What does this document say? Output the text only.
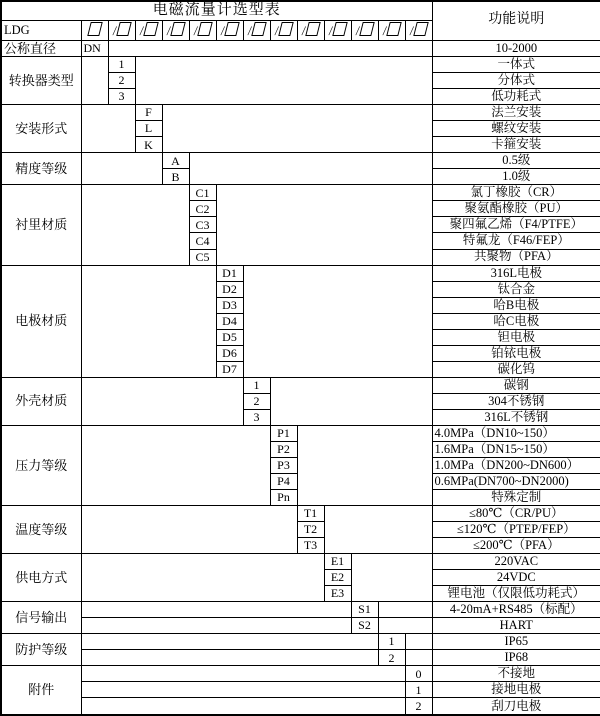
电磁流量计选型表														功能说明
LDG		/	/	/	/	/	/	/	/	/	/	/	/	
公称直径	DN													10-2000
转换器类型		1												一体式
		2												分体式
		3												低功耗式
安装形式			F											法兰安装
			L											螺纹安装
			K											卡箍安装
精度等级				A										0.5级
				B										1.0级
衬里材质					C1									氯丁橡胶（CR）
					C2									聚氨酯橡胶（PU）
					C3									聚四氟乙烯（F4/PTFE）
					C4									特氟龙（F46/FEP）
					C5									共聚物（PFA）
电极材质						D1								316L电极
						D2								钛合金
						D3								哈B电极
						D4								哈C电极
						D5								钽电极
						D6								铂铱电极
						D7								碳化钨
外壳材质							1							碳钢
							2							304不锈钢
							3							316L不锈钢
压力等级								P1						4.0MPa（DN10~150）
								P2						1.6MPa（DN15~150）
								P3						1.0MPa（DN200~DN600）
								P4						0.6MPa(DN700~DN2000)
								Pn						特殊定制
温度等级									T1					≤80℃（CR/PU）
									T2					≤120℃（PTEP/FEP）
									T3					≤200℃（PFA）
供电方式										E1				220VAC
										E2				24VDC
										E3				锂电池（仅限低功耗式）
信号输出											S1			4-20mA+RS485（标配）
											S2			HART
防护等级												1		IP65
												2		IP68
附件													0	不接地
													1	接地电极
													2	刮刀电极
